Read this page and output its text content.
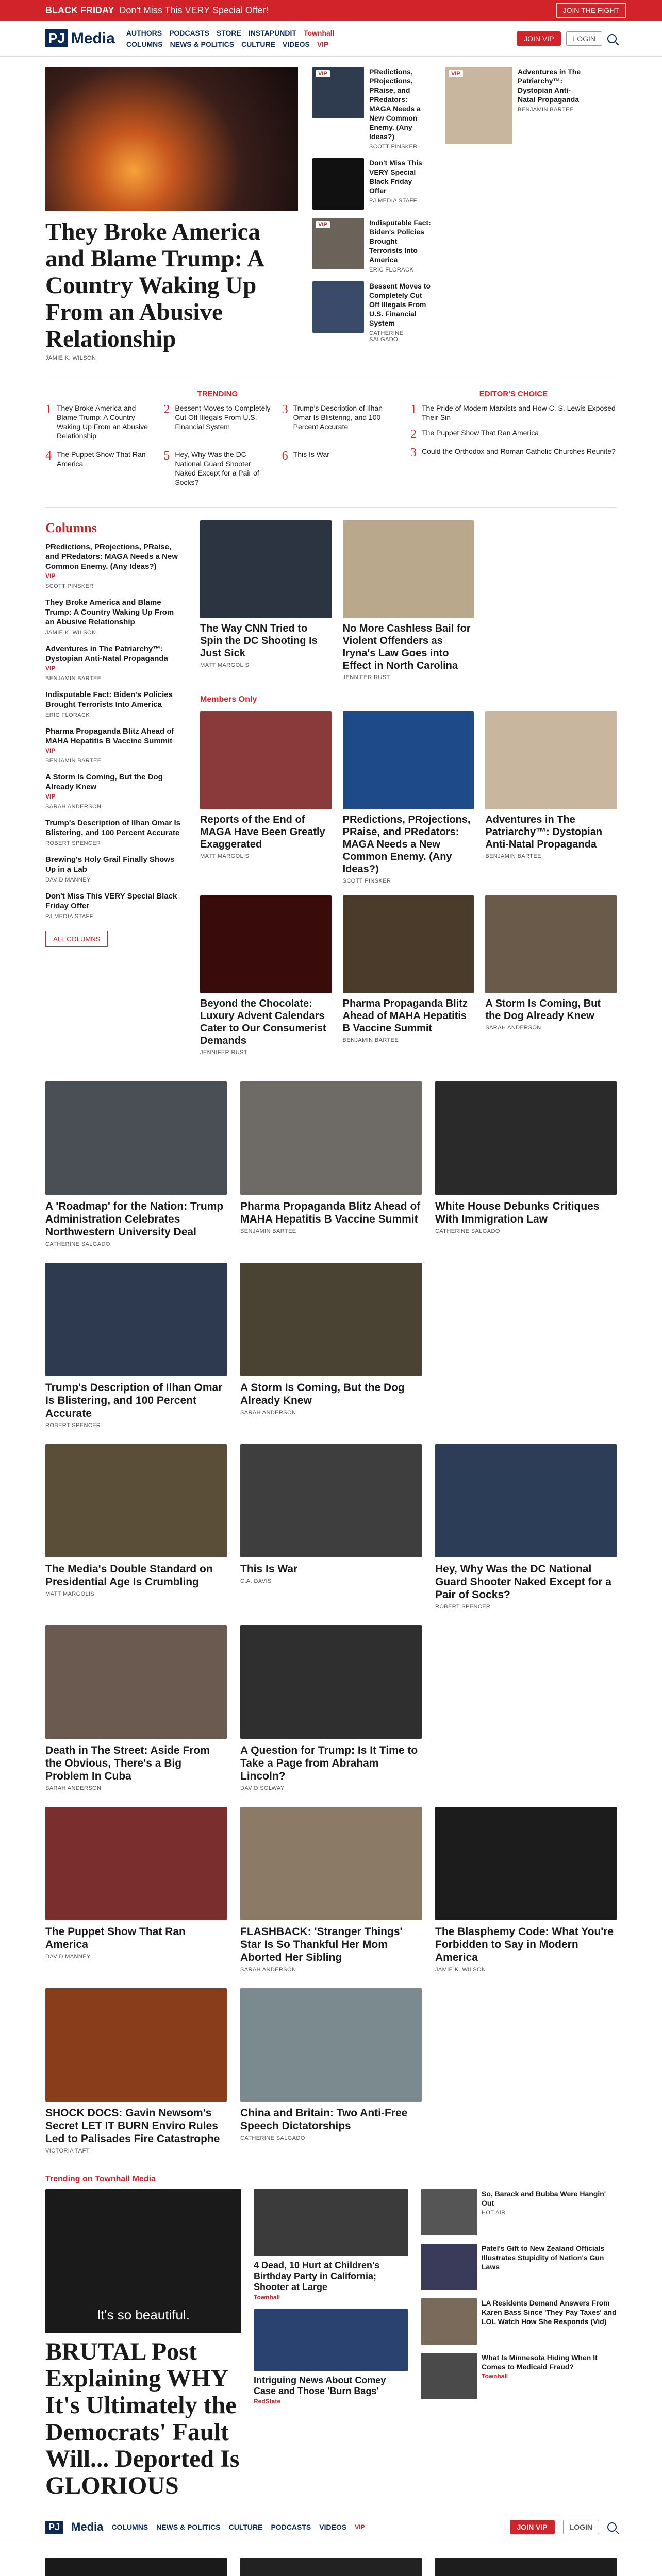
BLACK FRIDAY Don't Miss This VERY Special Offer!	JOIN THE FIGHT
PJ Media AUTHORS PODCASTS STORE INSTAPUNDIT Townhall
COLUMNS NEWS & POLITICS CULTURE VIDEOS VIP
JOIN VIP	LOGIN
They Broke America and Blame Trump: A Country Waking Up From an Abusive Relationship
JAMIE K. WILSON
VIP	PRedictions, PRojections, PRaise, and PRedators: MAGA Needs a New Common Enemy. (Any Ideas?)
SCOTT PINSKER
Don't Miss This VERY Special Black Friday Offer
PJ MEDIA STAFF
VIP	Indisputable Fact: Biden's Policies Brought Terrorists Into America
ERIC FLORACK
Bessent Moves to Completely Cut Off Illegals From U.S. Financial System
CATHERINE SALGADO
VIP	Adventures in The Patriarchy™: Dystopian Anti-Natal Propaganda
BENJAMIN BARTEE
TRENDING
1 They Broke America and Blame Trump: A Country Waking Up From an Abusive Relationship
2 Bessent Moves to Completely Cut Off Illegals From U.S. Financial System
3 Trump's Description of Ilhan Omar Is Blistering, and 100 Percent Accurate
4 The Puppet Show That Ran America
5 Hey, Why Was the DC National Guard Shooter Naked Except for a Pair of Socks?
6 This Is War
EDITOR'S CHOICE
1 The Pride of Modern Marxists and How C. S. Lewis Exposed Their Sin
2 The Puppet Show That Ran America
3 Could the Orthodox and Roman Catholic Churches Reunite?
Columns
PRedictions, PRojections, PRaise, and PRedators: MAGA Needs a New Common Enemy. (Any Ideas?)
VIP
SCOTT PINSKER
They Broke America and Blame Trump: A Country Waking Up From an Abusive Relationship
JAMIE K. WILSON
Adventures in The Patriarchy™: Dystopian Anti-Natal Propaganda
VIP
BENJAMIN BARTEE
Indisputable Fact: Biden's Policies Brought Terrorists Into America
ERIC FLORACK
Pharma Propaganda Blitz Ahead of MAHA Hepatitis B Vaccine Summit
VIP
BENJAMIN BARTEE
A Storm Is Coming, But the Dog Already Knew
VIP
SARAH ANDERSON
Trump's Description of Ilhan Omar Is Blistering, and 100 Percent Accurate
ROBERT SPENCER
Brewing's Holy Grail Finally Shows Up in a Lab
DAVID MANNEY
Don't Miss This VERY Special Black Friday Offer
PJ MEDIA STAFF
ALL COLUMNS
The Way CNN Tried to Spin the DC Shooting Is Just Sick
MATT MARGOLIS
No More Cashless Bail for Violent Offenders as Iryna's Law Goes into Effect in North Carolina
JENNIFER RUST
Members Only
Reports of the End of MAGA Have Been Greatly Exaggerated
MATT MARGOLIS
PRedictions, PRojections, PRaise, and PRedators: MAGA Needs a New Common Enemy. (Any Ideas?)
SCOTT PINSKER
Adventures in The Patriarchy™: Dystopian Anti-Natal Propaganda
BENJAMIN BARTEE
Beyond the Chocolate: Luxury Advent Calendars Cater to Our Consumerist Demands
JENNIFER RUST
Pharma Propaganda Blitz Ahead of MAHA Hepatitis B Vaccine Summit
BENJAMIN BARTEE
A Storm Is Coming, But the Dog Already Knew
SARAH ANDERSON
A 'Roadmap' for the Nation: Trump Administration Celebrates Northwestern University Deal
CATHERINE SALGADO
Pharma Propaganda Blitz Ahead of MAHA Hepatitis B Vaccine Summit
BENJAMIN BARTEE
White House Debunks Critiques With Immigration Law
CATHERINE SALGADO
Trump's Description of Ilhan Omar Is Blistering, and 100 Percent Accurate
ROBERT SPENCER
A Storm Is Coming, But the Dog Already Knew
SARAH ANDERSON
The Media's Double Standard on Presidential Age Is Crumbling
MATT MARGOLIS
This Is War
C.A. DAVIS
Hey, Why Was the DC National Guard Shooter Naked Except for a Pair of Socks?
ROBERT SPENCER
Death in The Street: Aside From the Obvious, There's a Big Problem In Cuba
SARAH ANDERSON
A Question for Trump: Is It Time to Take a Page from Abraham Lincoln?
DAVID SOLWAY
The Puppet Show That Ran America
DAVID MANNEY
FLASHBACK: 'Stranger Things' Star Is So Thankful Her Mom Aborted Her Sibling
SARAH ANDERSON
The Blasphemy Code: What You're Forbidden to Say in Modern America
JAMIE K. WILSON
SHOCK DOCS: Gavin Newsom's Secret LET IT BURN Enviro Rules Led to Palisades Fire Catastrophe
VICTORIA TAFT
China and Britain: Two Anti-Free Speech Dictatorships
CATHERINE SALGADO
Trending on Townhall Media
It's so beautiful.
BRUTAL Post Explaining WHY It's Ultimately the Democrats' Fault Will... Deported Is GLORIOUS

4 Dead, 10 Hurt at Children's Birthday Party in California; Shooter at Large

Townhall

Intriguing News About Comey Case and Those 'Burn Bags'

RedState

So, Barack and Bubba Were Hangin' Out

HOT AIR

Patel's Gift to New Zealand Officials Illustrates Stupidity of Nation's Gun Laws

LA Residents Demand Answers From Karen Bass Since 'They Pay Taxes' and LOL Watch How She Responds (Vid)

What Is Minnesota Hiding When It Comes to Medicaid Fraud?

Townhall
PJ Media COLUMNS NEWS & POLITICS CULTURE PODCASTS VIDEOS VIP	JOIN VIP	LOGIN
